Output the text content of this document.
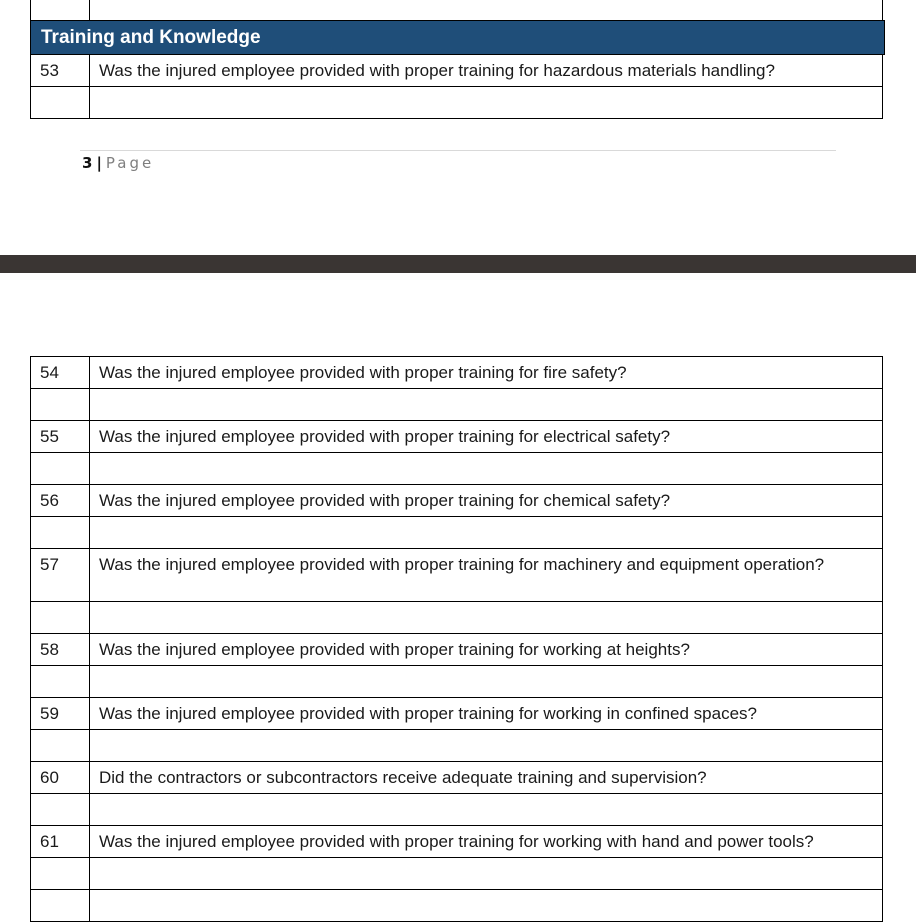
Training and Knowledge
53	Was the injured employee provided with proper training for hazardous materials handling?

3 | Page
54	Was the injured employee provided with proper training for fire safety?

55	Was the injured employee provided with proper training for electrical safety?

56	Was the injured employee provided with proper training for chemical safety?

57	Was the injured employee provided with proper training for machinery and equipment operation?

58	Was the injured employee provided with proper training for working at heights?

59	Was the injured employee provided with proper training for working in confined spaces?

60	Did the contractors or subcontractors receive adequate training and supervision?

61	Was the injured employee provided with proper training for working with hand and power tools?
